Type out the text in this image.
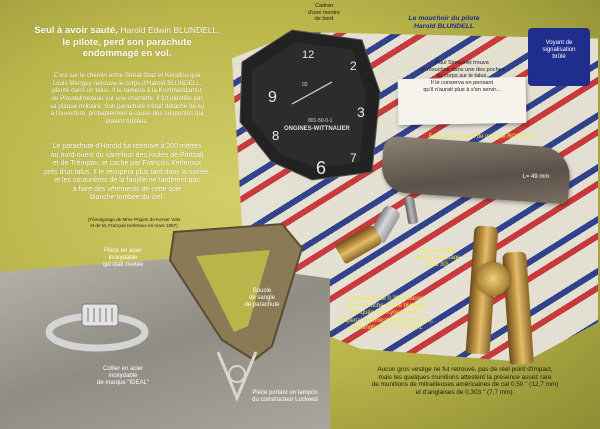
Seul à avoir sauté, Harold Edwin BLUNDELL,
le pilote, perd son parachute
endommagé en vol.
C'est sur le chemin entre Stréat Glaz et Kerallou que
Louis Menguy retrouva le corps d'Harold BLUNDELL,
planté dans un talus. Il le ramena à la Kommandantur
de Ploudalmézeau sur une charrette. Il fut identifié par
sa plaque militaire. Son parachute s'était détaché de lui
à l'ouverture, probablement à cause des suspentes qui
étaient brûlées.
Le parachute d'Harold fut retrouvé à 200 mètres
au nord-ouest du carrefour des routes de Portsall
et de Trémpan, et caché par François Kerleroux
près d'un talus. Il le récupéra plus tard dans la soirée,
et les couturières de la famille ne tardèrent pas
à faire des vêtements de cette soie
blanche tombée du ciel.
(Témoignage de Mme Prigent de Kerver Vras
et de M. François Kerleroux en mars 1997)
9
12
2
3
8
6 7
02
801-50-0-1
ONGINES-WITTNAUER
Cadran
d'une montre
de bord	Le mouchoir du pilote
Harold BLUNDELL
Voyant de
signalisation
brûlé
Paul Simounet trouva
ce mouchoir dans une des poches
du corps sur le talus.
Il le conserva en pensant
qu'il n'aurait plus à s'en servir...
Fond d'un briquet de marque RONSON
L= 49 mm
Ogive, douille
et son marquage
(Cal 30)
Cartouches de 0,303 pouces,
une cartouche contre blindage
fabriquée par Kynoch & Co.
(Imperial Chemical Industries, Ltd.),
(Birmingham, U.K. en 1941
Pièce en acier
inoxydable
qui était rivetée
Collier en acier
inoxydable
de marque "IDEAL"
Boucle
de sangle
de parachute
Pièce portant un tampon
du constructeur Lockeed
Aucun gros vestige ne fut retrouvé, pas de réel point d'impact,
mais les quelques munitions attestent la présence assez rare
de munitions de mitrailleuses américaines de cal 0,50 " (12,7 mm)
et d'anglaises de 0,303 " (7,7 mm).
